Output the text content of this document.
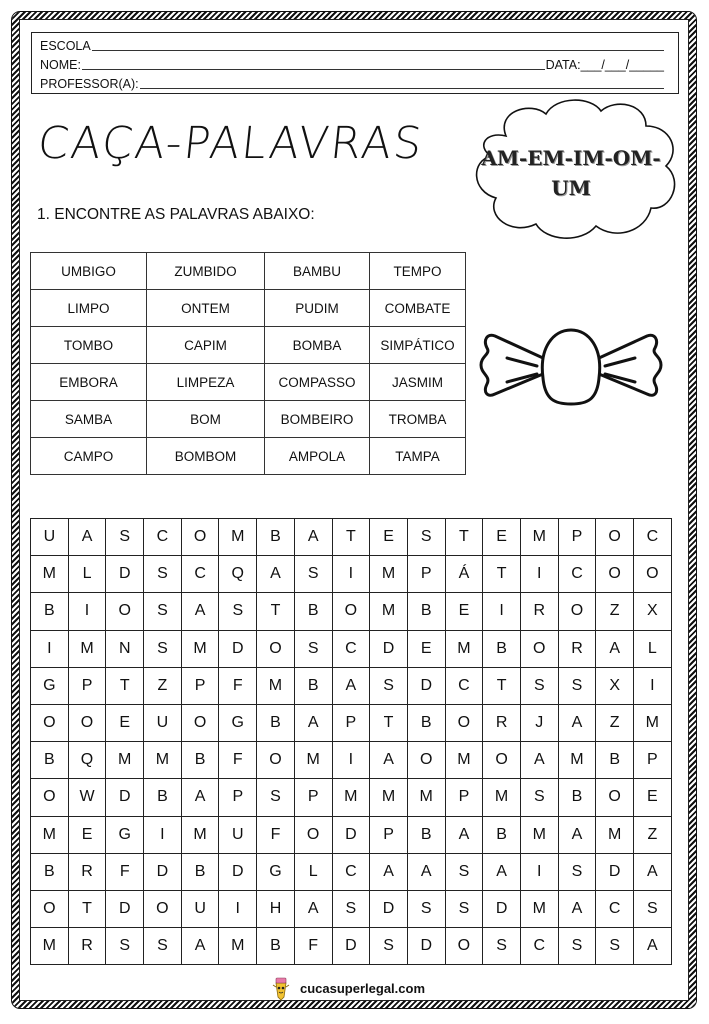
ESCOLA
NOME:	DATA:___/___/_____
PROFESSOR(A):
CAÇA-PALAVRAS	AM-EM-IM-OM-
UM
1. ENCONTRE AS PALAVRAS ABAIXO:
UMBIGO	ZUMBIDO	BAMBU	TEMPO
LIMPO	ONTEM	PUDIM	COMBATE
TOMBO	CAPIM	BOMBA	SIMPÁTICO
EMBORA	LIMPEZA	COMPASSO	JASMIM
SAMBA	BOM	BOMBEIRO	TROMBA
CAMPO	BOMBOM	AMPOLA	TAMPA
U	A	S	C	O	M	B	A	T	E	S	T	E	M	P	O	C
M	L	D	S	C	Q	A	S	I	M	P	Á	T	I	C	O	O
B	I	O	S	A	S	T	B	O	M	B	E	I	R	O	Z	X
I	M	N	S	M	D	O	S	C	D	E	M	B	O	R	A	L
G	P	T	Z	P	F	M	B	A	S	D	C	T	S	S	X	I
O	O	E	U	O	G	B	A	P	T	B	O	R	J	A	Z	M
B	Q	M	M	B	F	O	M	I	A	O	M	O	A	M	B	P
O	W	D	B	A	P	S	P	M	M	M	P	M	S	B	O	E
M	E	G	I	M	U	F	O	D	P	B	A	B	M	A	M	Z
B	R	F	D	B	D	G	L	C	A	A	S	A	I	S	D	A
O	T	D	O	U	I	H	A	S	D	S	S	D	M	A	C	S
M	R	S	S	A	M	B	F	D	S	D	O	S	C	S	S	A
cucasuperlegal.com
